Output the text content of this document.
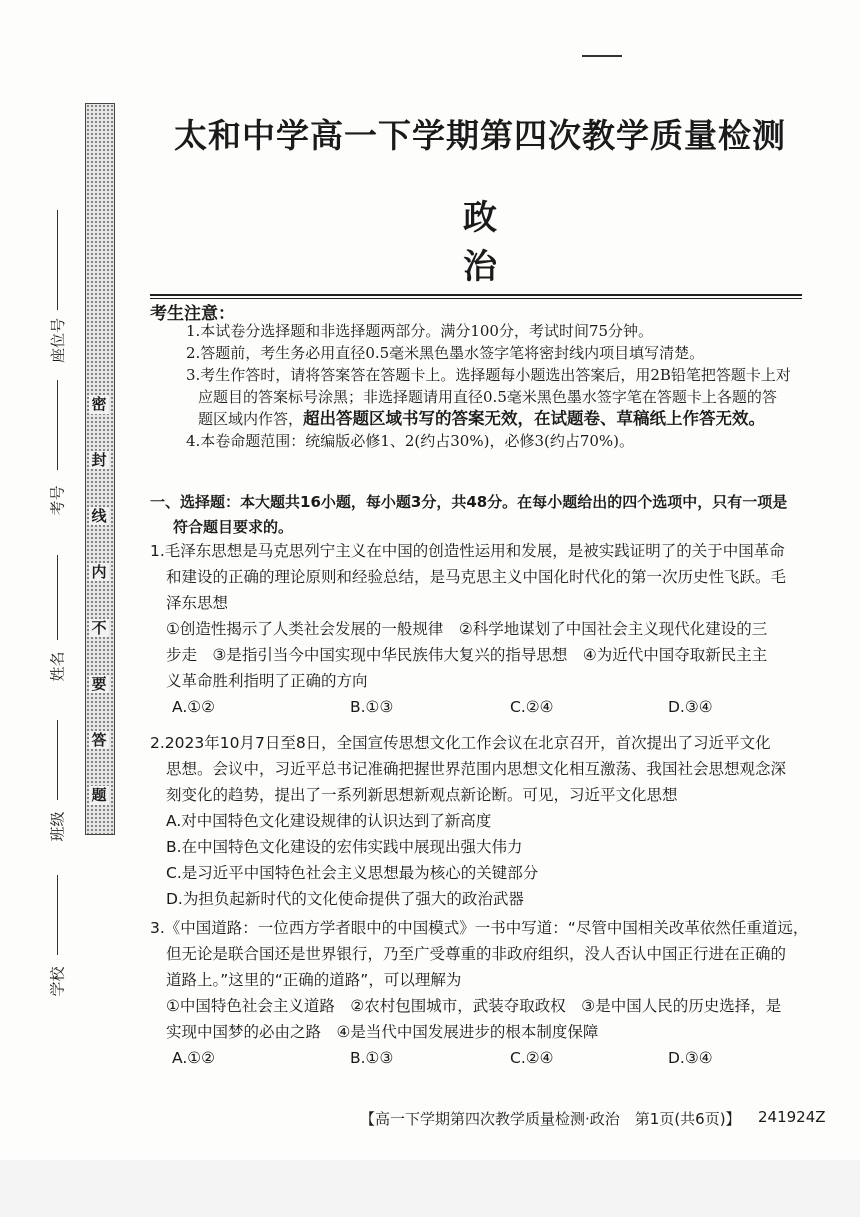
密
封
线
内
不
要
答
题
座位号
考号
姓名
班级
学校
太和中学高一下学期第四次教学质量检测
政治
考生注意：

1.本试卷分选择题和非选择题两部分。满分100分，考试时间75分钟。

2.答题前，考生务必用直径0.5毫米黑色墨水签字笔将密封线内项目填写清楚。

3.考生作答时，请将答案答在答题卡上。选择题每小题选出答案后，用2B铅笔把答题卡上对

应题目的答案标号涂黑；非选择题请用直径0.5毫米黑色墨水签字笔在答题卡上各题的答

题区域内作答，超出答题区域书写的答案无效，在试题卷、草稿纸上作答无效。

4.本卷命题范围：统编版必修1、2(约占30%)，必修3(约占70%)。

一、选择题：本大题共16小题，每小题3分，共48分。在每小题给出的四个选项中，只有一项是
符合题目要求的。

1.毛泽东思想是马克思列宁主义在中国的创造性运用和发展，是被实践证明了的关于中国革命

和建设的正确的理论原则和经验总结，是马克思主义中国化时代化的第一次历史性飞跃。毛

泽东思想

①创造性揭示了人类社会发展的一般规律　②科学地谋划了中国社会主义现代化建设的三

步走　③是指引当今中国实现中华民族伟大复兴的指导思想　④为近代中国夺取新民主主

义革命胜利指明了正确的方向

A.①②	B.①③	C.②④	D.③④

2.2023年10月7日至8日，全国宣传思想文化工作会议在北京召开，首次提出了习近平文化

思想。会议中，习近平总书记准确把握世界范围内思想文化相互激荡、我国社会思想观念深

刻变化的趋势，提出了一系列新思想新观点新论断。可见，习近平文化思想

A.对中国特色文化建设规律的认识达到了新高度

B.在中国特色文化建设的宏伟实践中展现出强大伟力

C.是习近平中国特色社会主义思想最为核心的关键部分

D.为担负起新时代的文化使命提供了强大的政治武器

3.《中国道路：一位西方学者眼中的中国模式》一书中写道：“尽管中国相关改革依然任重道远，

但无论是联合国还是世界银行，乃至广受尊重的非政府组织，没人否认中国正行进在正确的

道路上。”这里的“正确的道路”，可以理解为

①中国特色社会主义道路　②农村包围城市，武装夺取政权　③是中国人民的历史选择，是

实现中国梦的必由之路　④是当代中国发展进步的根本制度保障

A.①②	B.①③	C.②④	D.③④
【高一下学期第四次教学质量检测·政治　第1页(共6页)】 241924Z
